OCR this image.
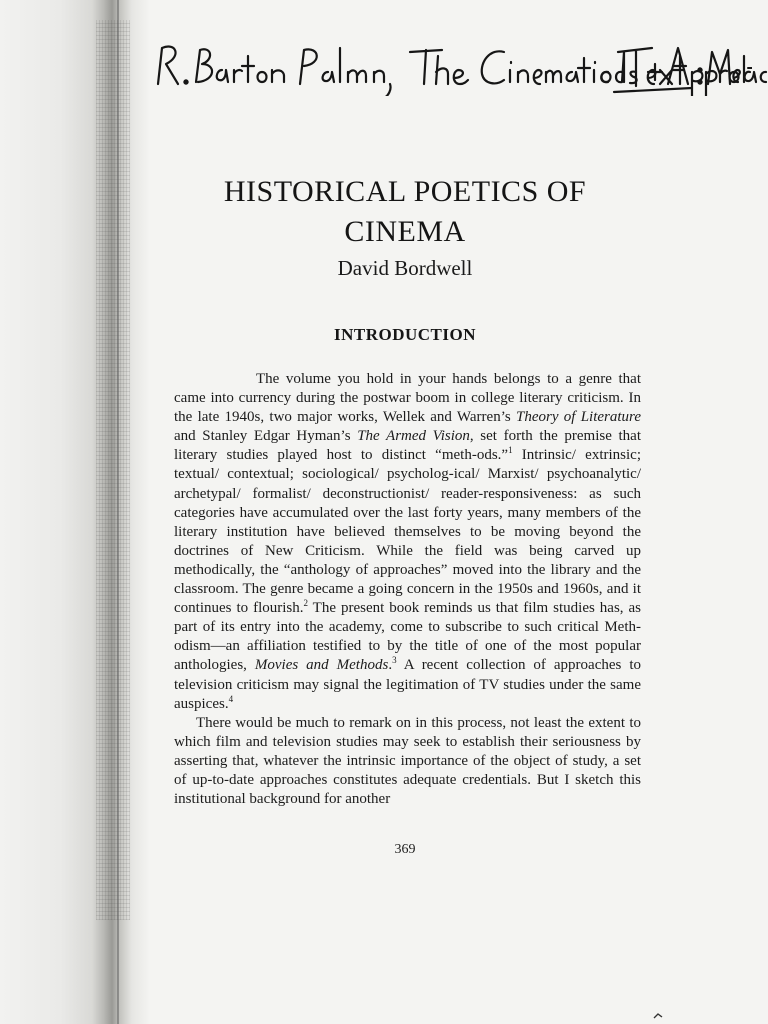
HISTORICAL POETICS OF
CINEMA
David Bordwell
INTRODUCTION

The volume you hold in your hands belongs to a genre that came into currency during the postwar boom in college literary criticism. In the late 1940s, two major works, Wellek and Warren’s Theory of Literature and Stanley Edgar Hyman’s The Armed Vision, set forth the premise that literary studies played host to distinct “meth-ods.”$^1$ Intrinsic/ extrinsic; textual/ contextual; sociological/ psycholog-ical/ Marxist/ psychoanalytic/ archetypal/ formalist/ deconstructionist/ reader-responsiveness: as such categories have accumulated over the last forty years, many members of the literary institution have believed themselves to be moving beyond the doctrines of New Criticism. While the field was being carved up methodically, the “anthology of approaches” moved into the library and the classroom. The genre became a going concern in the 1950s and 1960s, and it continues to flourish.$^2$ The present book reminds us that film studies has, as part of its entry into the academy, come to subscribe to such critical Meth-odism—an affiliation testified to by the title of one of the most popular anthologies, Movies and Methods.$^3$ A recent collection of approaches to television criticism may signal the legitimation of TV studies under the same auspices.$^4$

There would be much to remark on in this process, not least the extent to which film and television studies may seek to establish their seriousness by asserting that, whatever the intrinsic importance of the object of study, a set of up-to-date approaches constitutes adequate credentials. But I sketch this institutional background for another

369
